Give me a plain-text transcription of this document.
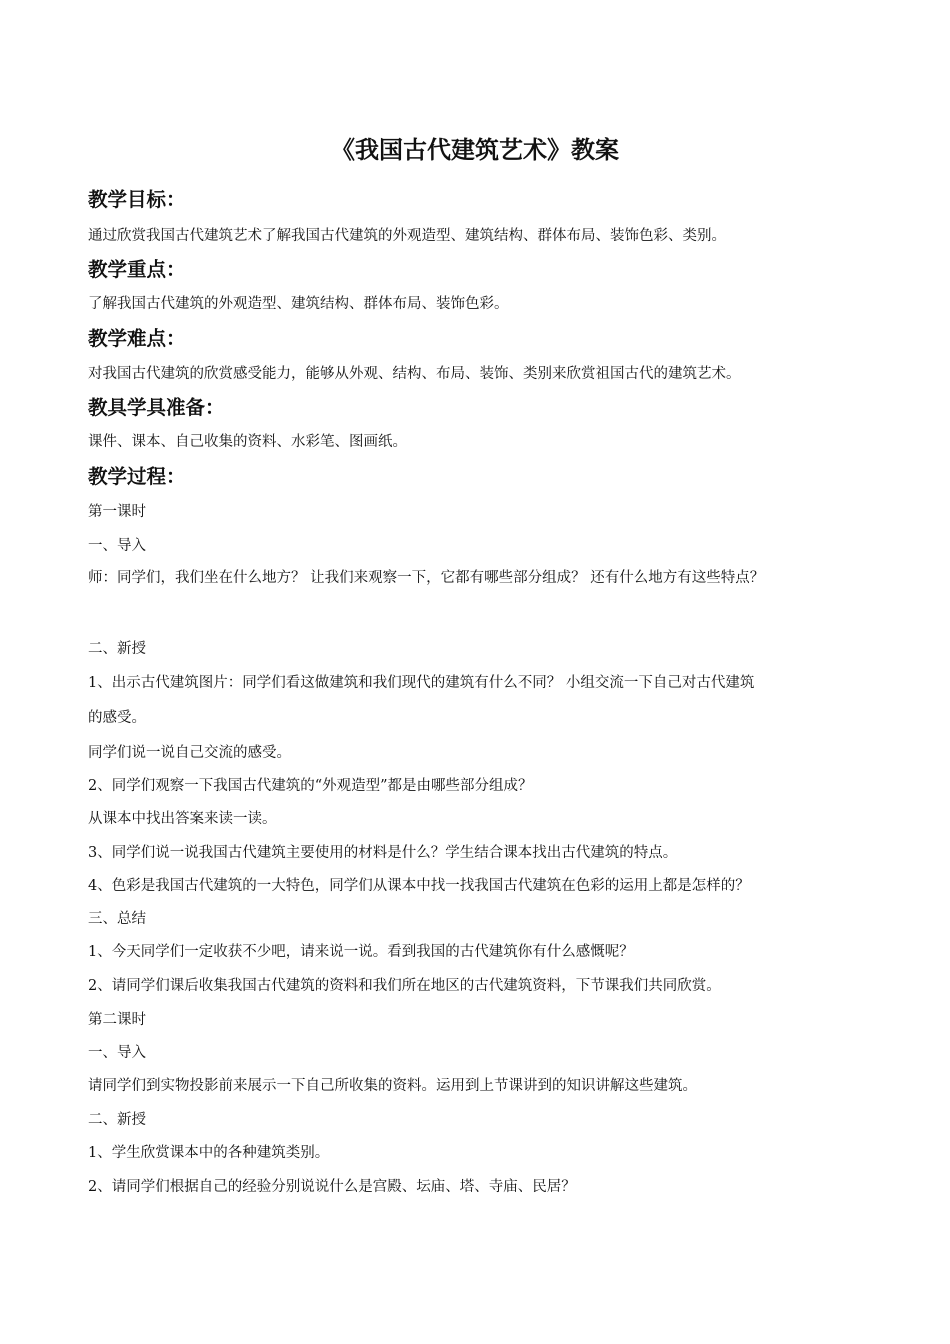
《我国古代建筑艺术》教案
教学目标：
通过欣赏我国古代建筑艺术了解我国古代建筑的外观造型、建筑结构、群体布局、装饰色彩、类别。
教学重点：
了解我国古代建筑的外观造型、建筑结构、群体布局、装饰色彩。
教学难点：
对我国古代建筑的欣赏感受能力，能够从外观、结构、布局、装饰、类别来欣赏祖国古代的建筑艺术。
教具学具准备：
课件、课本、自己收集的资料、水彩笔、图画纸。
教学过程：
第一课时
一、导入
师：同学们，我们坐在什么地方？ 让我们来观察一下，它都有哪些部分组成？ 还有什么地方有这些特点？
二、新授
1、出示古代建筑图片：同学们看这做建筑和我们现代的建筑有什么不同？ 小组交流一下自己对古代建筑
的感受。
同学们说一说自己交流的感受。
2、同学们观察一下我国古代建筑的“外观造型”都是由哪些部分组成？
从课本中找出答案来读一读。
3、同学们说一说我国古代建筑主要使用的材料是什么？学生结合课本找出古代建筑的特点。
4、色彩是我国古代建筑的一大特色，同学们从课本中找一找我国古代建筑在色彩的运用上都是怎样的？
三、总结
1、今天同学们一定收获不少吧，请来说一说。看到我国的古代建筑你有什么感慨呢？
2、请同学们课后收集我国古代建筑的资料和我们所在地区的古代建筑资料，下节课我们共同欣赏。
第二课时
一、导入
请同学们到实物投影前来展示一下自己所收集的资料。运用到上节课讲到的知识讲解这些建筑。
二、新授
1、学生欣赏课本中的各种建筑类别。
2、请同学们根据自己的经验分别说说什么是宫殿、坛庙、塔、寺庙、民居？
